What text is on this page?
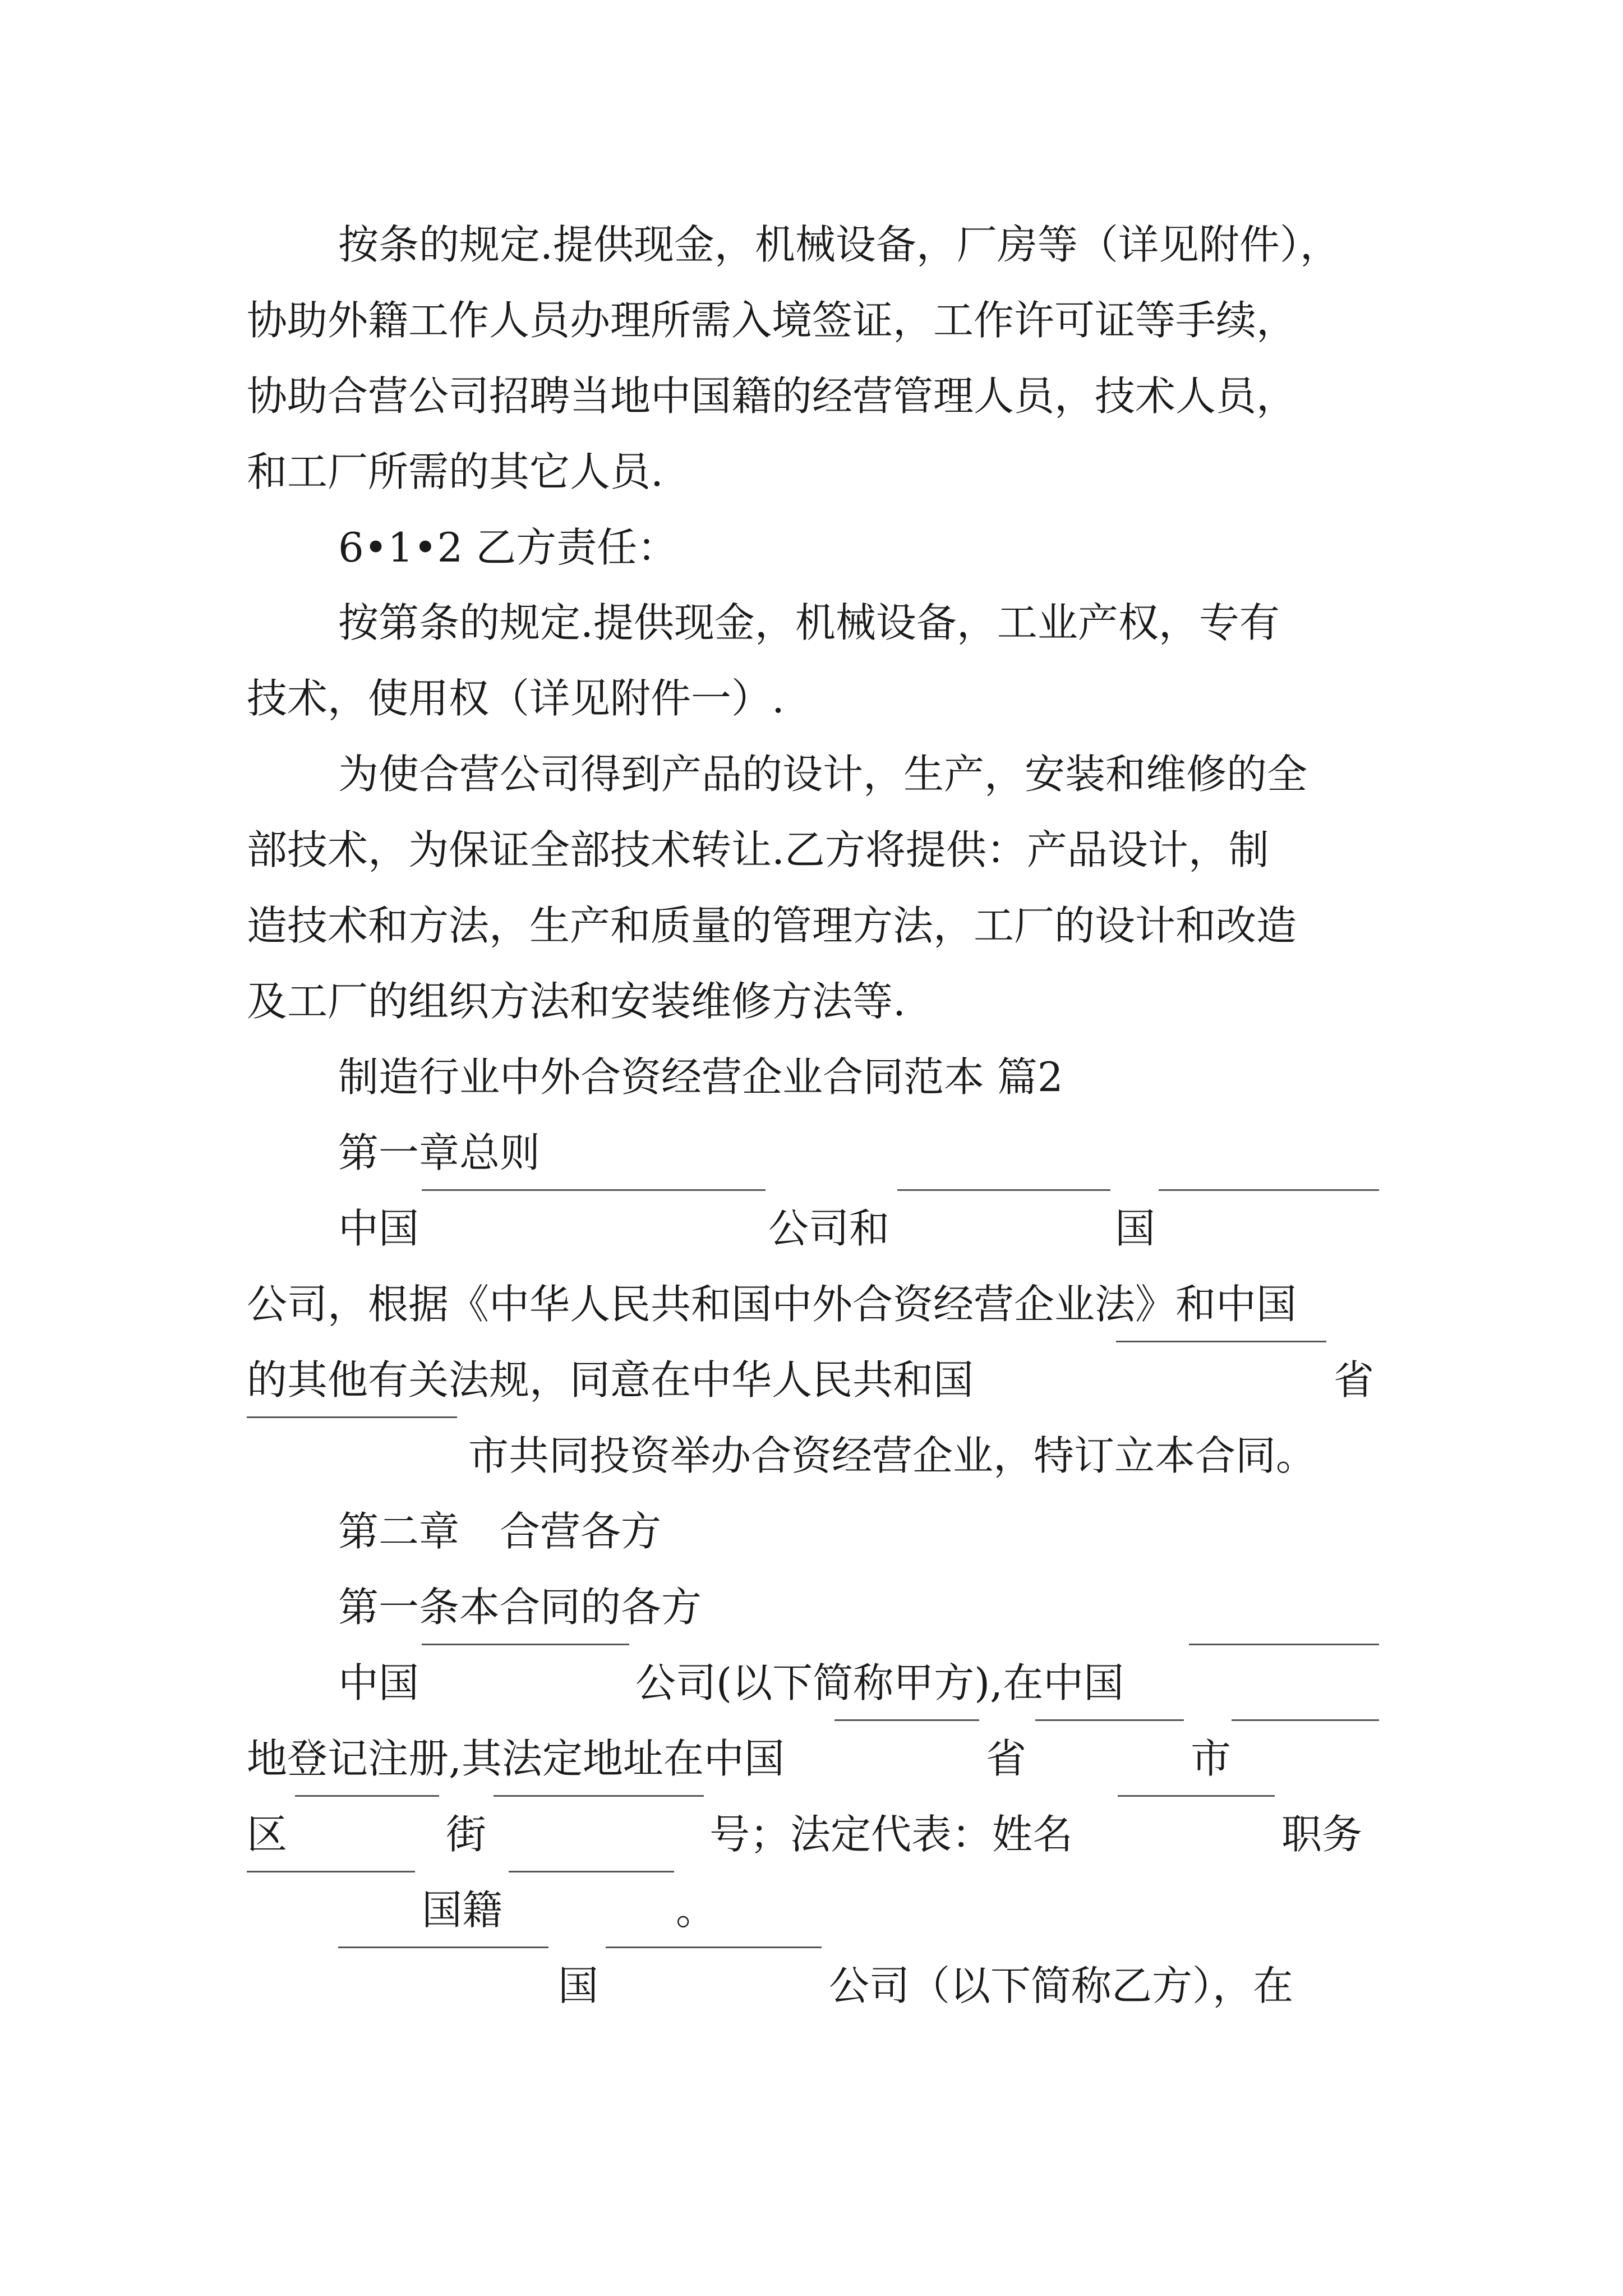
按条的规定.提供现金，机械设备，厂房等（详见附件），
协助外籍工作人员办理所需入境签证，工作许可证等手续，
协助合营公司招聘当地中国籍的经营管理人员，技术人员，
和工厂所需的其它人员.
6•1•2 乙方责任：
按第条的规定.提供现金，机械设备，工业产权，专有
技术，使用权（详见附件一）.
为使合营公司得到产品的设计，生产，安装和维修的全
部技术，为保证全部技术转让.乙方将提供：产品设计，制
造技术和方法，生产和质量的管理方法，工厂的设计和改造
及工厂的组织方法和安装维修方法等.
制造行业中外合资经营企业合同范本 篇2
第一章总则
中国	公司和	国
公司，根据《中华人民共和国中外合资经营企业法》和中国
的其他有关法规，同意在中华人民共和国	省
市共同投资举办合资经营企业，特订立本合同。
第二章　合营各方
第一条本合同的各方
中国	公司(以下简称甲方),在中国
地登记注册,其法定地址在中国	省	市
区	街	号；法定代表：姓名	职务
国籍	。
国	公司（以下简称乙方），在
